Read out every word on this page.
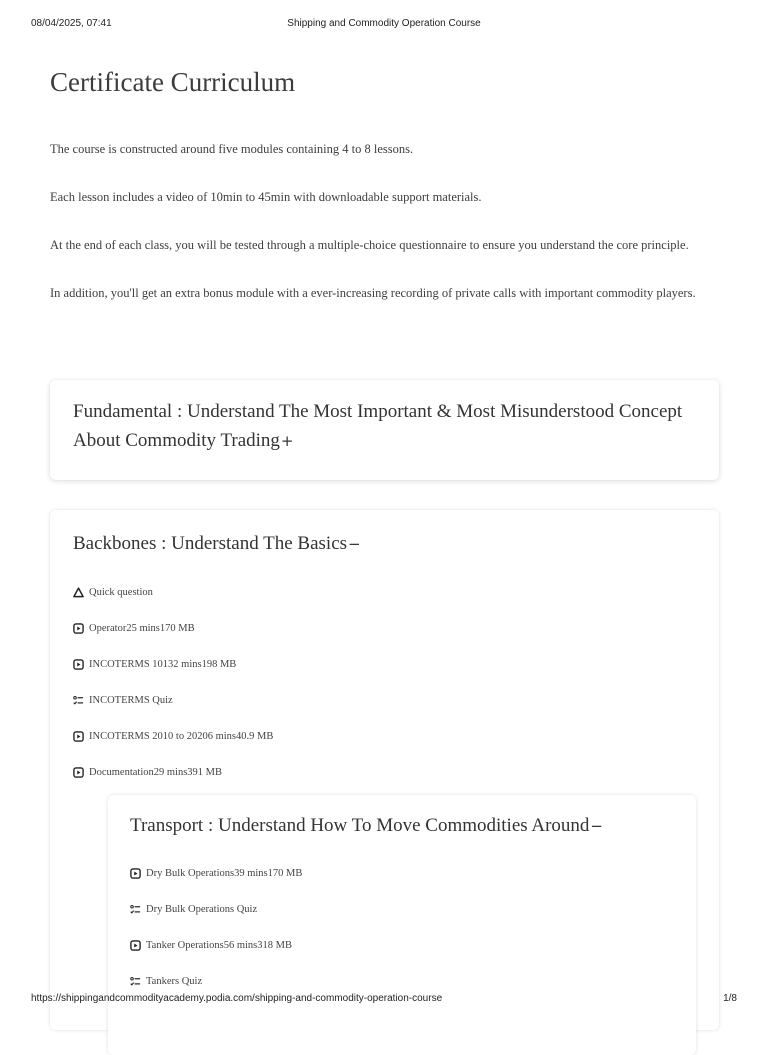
08/04/2025, 07:41	Shipping and Commodity Operation Course
Certificate Curriculum

The course is constructed around five modules containing 4 to 8 lessons.

Each lesson includes a video of 10min to 45min with downloadable support materials.

At the end of each class, you will be tested through a multiple-choice questionnaire to ensure you understand the core principle.

In addition, you'll get an extra bonus module with a ever-increasing recording of private calls with important commodity players.

Fundamental : Understand The Most Important & Most Misunderstood Concept About Commodity Trading+
Backbones : Understand The Basics−
Quick question
Operator25 mins170 MB
INCOTERMS 10132 mins198 MB
INCOTERMS Quiz
INCOTERMS 2010 to 20206 mins40.9 MB
Documentation29 mins391 MB
Transport : Understand How To Move Commodities Around−
Dry Bulk Operations39 mins170 MB
Dry Bulk Operations Quiz
Tanker Operations56 mins318 MB
Tankers Quiz
https://shippingandcommodityacademy.podia.com/shipping-and-commodity-operation-course	1/8
